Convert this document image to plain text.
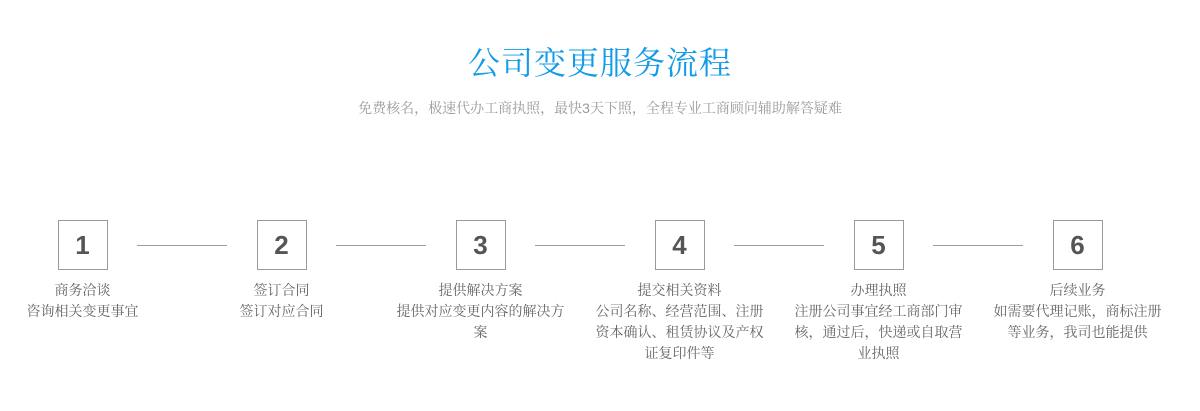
公司变更服务流程
免费核名，极速代办工商执照，最快3天下照，全程专业工商顾问辅助解答疑难
1
商务洽谈
咨询相关变更事宜
2
签订合同
签订对应合同
3
提供解决方案
提供对应变更内容的解决方案
4
提交相关资料
公司名称、经营范围、注册资本确认、租赁协议及产权证复印件等
5
办理执照
注册公司事宜经工商部门审核，通过后，快递或自取营业执照
6
后续业务
如需要代理记账，商标注册等业务，我司也能提供
